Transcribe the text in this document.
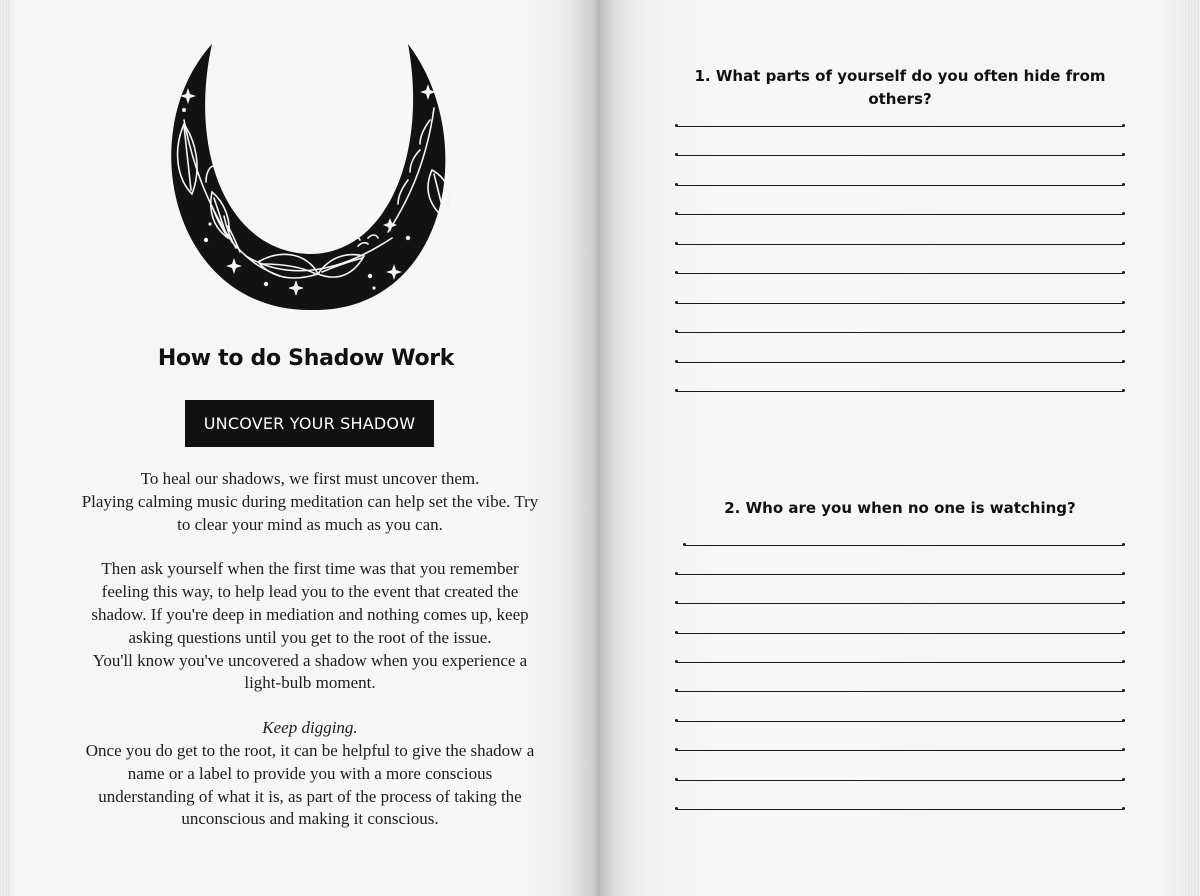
How to do Shadow Work
UNCOVER YOUR SHADOW

To heal our shadows, we first must uncover them.

Playing calming music during meditation can help set the vibe. Try

to clear your mind as much as you can.

Then ask yourself when the first time was that you remember

feeling this way, to help lead you to the event that created the

shadow. If you're deep in mediation and nothing comes up, keep

asking questions until you get to the root of the issue.

You'll know you've uncovered a shadow when you experience a

light-bulb moment.

Keep digging.

Once you do get to the root, it can be helpful to give the shadow a

name or a label to provide you with a more conscious

understanding of what it is, as part of the process of taking the

unconscious and making it conscious.

1. What parts of yourself do you often hide from
others?
2. Who are you when no one is watching?
